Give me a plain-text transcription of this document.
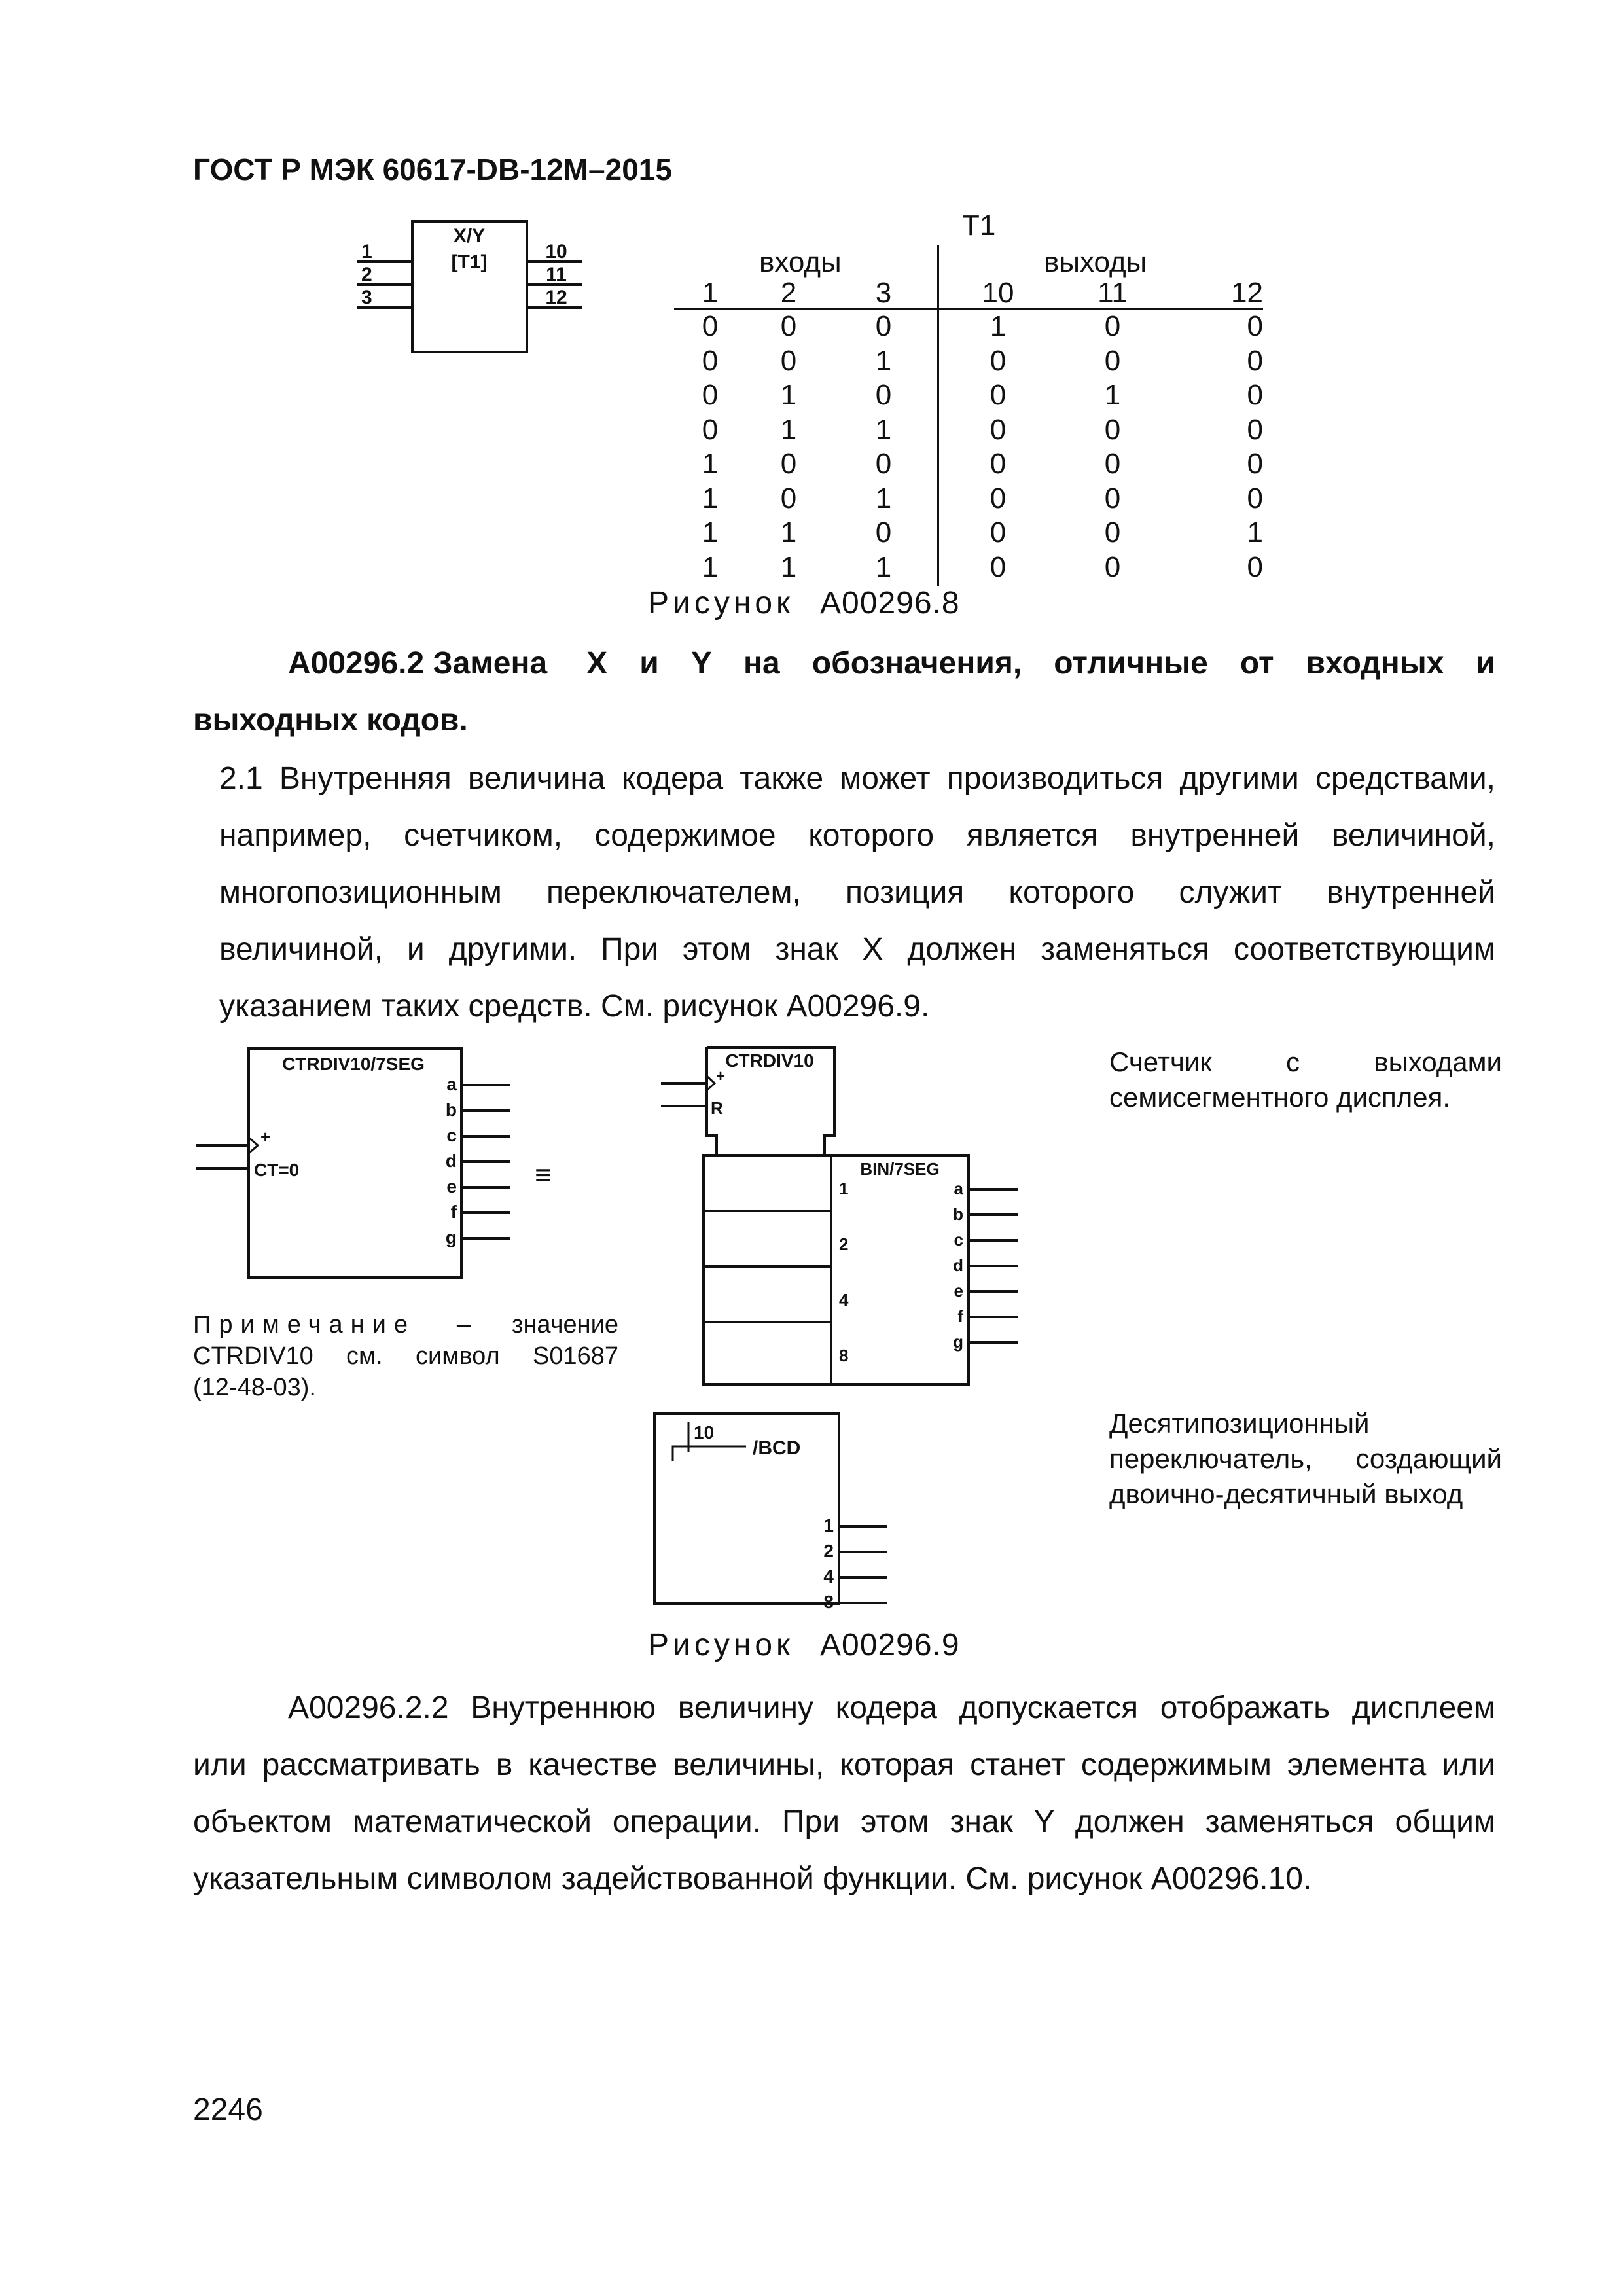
ГОСТ Р МЭК 60617-DB-12M–2015
X/Y
[T1]
1
2
3
10
11
12
T1
входы	выходы
1	2	3	10	11	12
0	0	0	1	0	0
0	0	1	0	0	0
0	1	0	0	1	0
0	1	1	0	0	0
1	0	0	0	0	0
1	0	1	0	0	0
1	1	0	0	0	1
1	1	1	0	0	0
Рисунок A00296.8
A00296.2 Замена X и Y на обозначения, отличные от входных и
выходных кодов.
2.1 Внутренняя величина кодера также может производиться другими средствами,
например, счетчиком, содержимое которого является внутренней величиной,
многопозиционным переключателем, позиция которого служит внутренней
величиной, и другими. При этом знак X должен заменяться соответствующим
указанием таких средств. См. рисунок A00296.9.
CTRDIV10/7SEG
+
CT=0
a
b
c
d
e
f
g
≡
Примечание – значение
CTRDIV10 см. символ S01687
(12-48-03).
CTRDIV10
+
R
BIN/7SEG
1
2
4
8
a
b
c
d
e
f
g
10
/BCD
1
2
4
8
Счетчик с выходами
семисегментного дисплея.
Десятипозиционный
переключатель, создающий
двоично-десятичный выход
Рисунок A00296.9
A00296.2.2 Внутреннюю величину кодера допускается отображать дисплеем
или рассматривать в качестве величины, которая станет содержимым элемента или
объектом математической операции. При этом знак Y должен заменяться общим
указательным символом задействованной функции. См. рисунок A00296.10.
2246
